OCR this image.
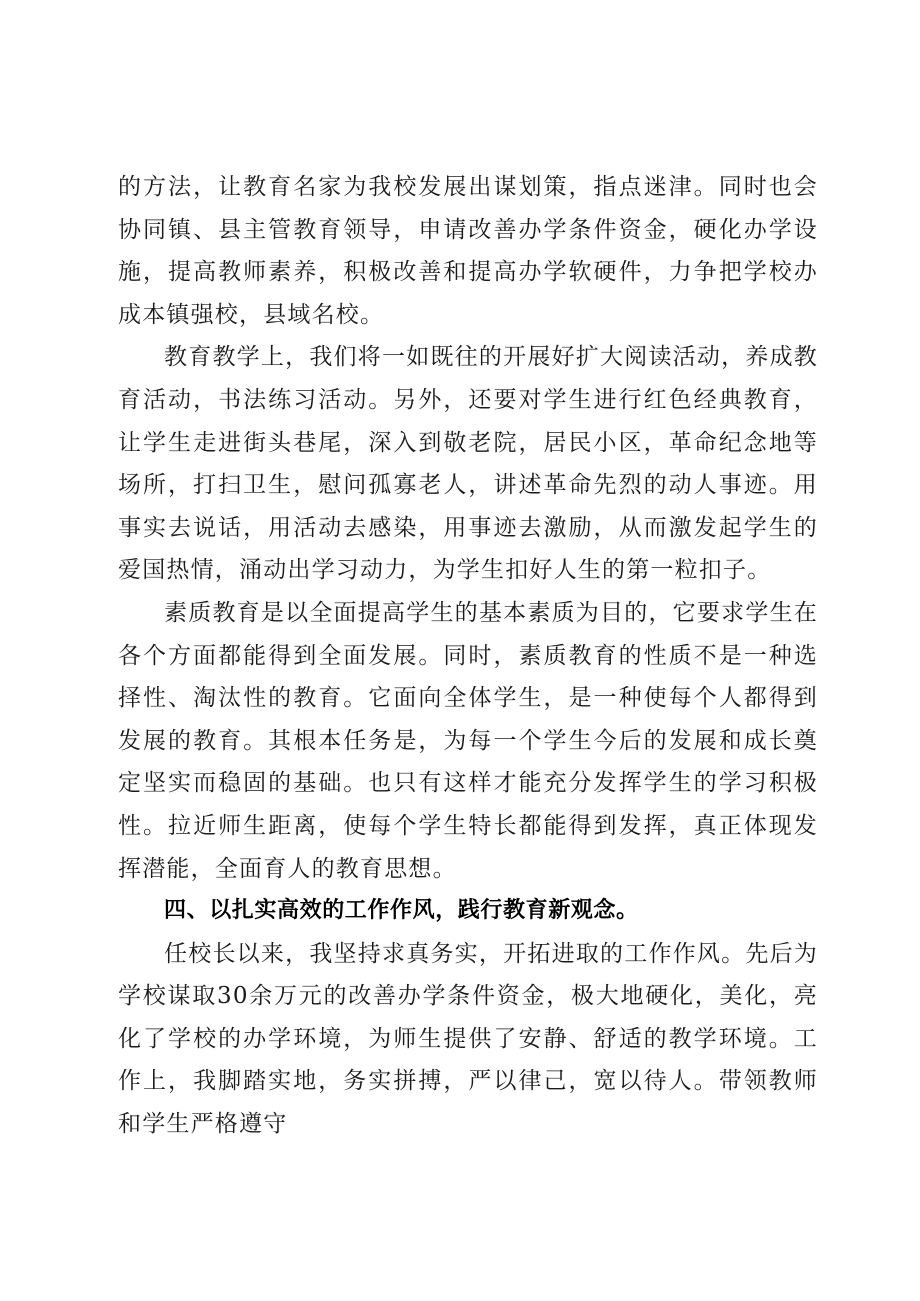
的方法，让教育名家为我校发展出谋划策，指点迷津。同时也会协同镇、县主管教育领导，申请改善办学条件资金，硬化办学设施，提高教师素养，积极改善和提高办学软硬件，力争把学校办成本镇强校，县域名校。

教育教学上，我们将一如既往的开展好扩大阅读活动，养成教育活动，书法练习活动。另外，还要对学生进行红色经典教育，让学生走进街头巷尾，深入到敬老院，居民小区，革命纪念地等场所，打扫卫生，慰问孤寡老人，讲述革命先烈的动人事迹。用事实去说话，用活动去感染，用事迹去激励，从而激发起学生的爱国热情，涌动出学习动力，为学生扣好人生的第一粒扣子。

素质教育是以全面提高学生的基本素质为目的，它要求学生在各个方面都能得到全面发展。同时，素质教育的性质不是一种选择性、淘汰性的教育。它面向全体学生，是一种使每个人都得到发展的教育。其根本任务是，为每一个学生今后的发展和成长奠定坚实而稳固的基础。也只有这样才能充分发挥学生的学习积极性。拉近师生距离，使每个学生特长都能得到发挥，真正体现发挥潜能，全面育人的教育思想。

四、以扎实高效的工作作风，践行教育新观念。

任校长以来，我坚持求真务实，开拓进取的工作作风。先后为学校谋取30余万元的改善办学条件资金，极大地硬化，美化，亮化了学校的办学环境，为师生提供了安静、舒适的教学环境。工作上，我脚踏实地，务实拼搏，严以律己，宽以待人。带领教师和学生严格遵守
